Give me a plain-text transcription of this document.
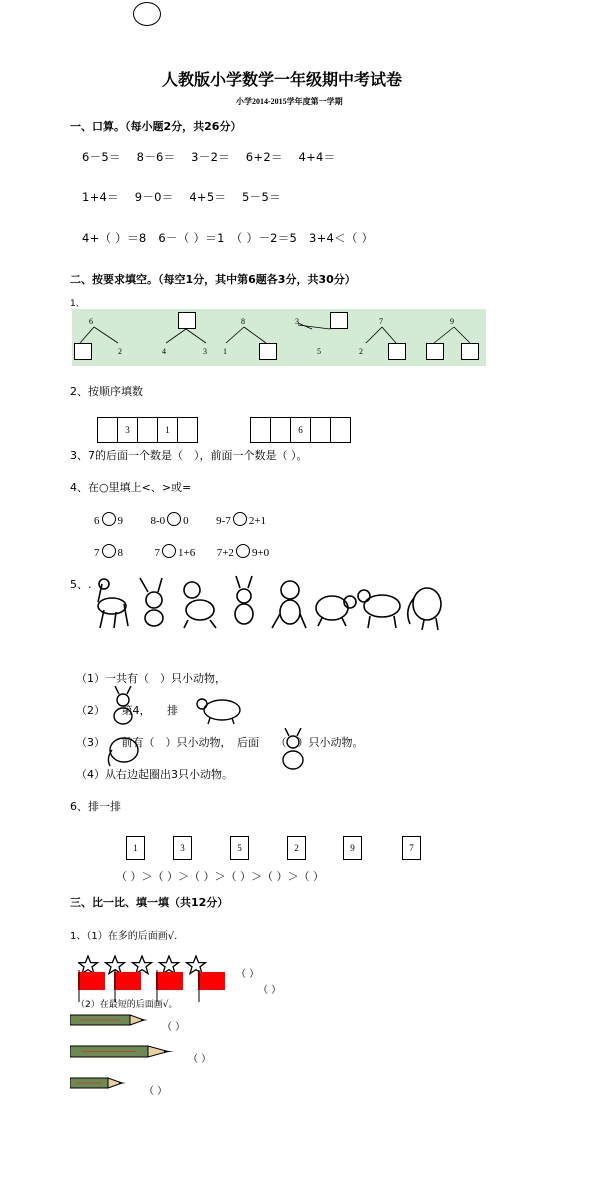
人教版小学数学一年级期中考试卷
小学2014-2015学年度第一学期
一、口算。（每小题2分，共26分）
6－5＝　 8－6＝　 3－2＝　 6+2＝　 4+4＝
1+4＝　 9－0＝　 4+5＝　 5－5＝
4+（ ）＝8　6－（ ）＝1　（ ）－2＝5　3+4＜（ ）
二、按要求填空。（每空1分，其中第6题各3分，共30分）
1、
6
2	4	3
8
1
3
5
7
2
9
2、按顺序填数
3	1	6
3、7的后面一个数是（　），前面一个数是（ ）。
4、在○里填上<、>或=
6 9	8-0 0	9-7 2+1
7 8	7 1+6 7+2 9+0
5、.
（1）一共有（　）只小动物，
（2）　　第4，　　排
（3）　　前有（　）只小动物，　后面　　（　）只小动物。
（4）从右边起圈出3只小动物。
6、排一排
1	3	5	2	9	7
（ ）＞（ ）＞（ ）＞（ ）＞（ ）＞（ ）
三、比一比、填一填（共12分）
1、（1）在多的后面画√.
（ ）
（ ）
（2）在最短的后面画√。
（ ）
（ ）
（ ）
